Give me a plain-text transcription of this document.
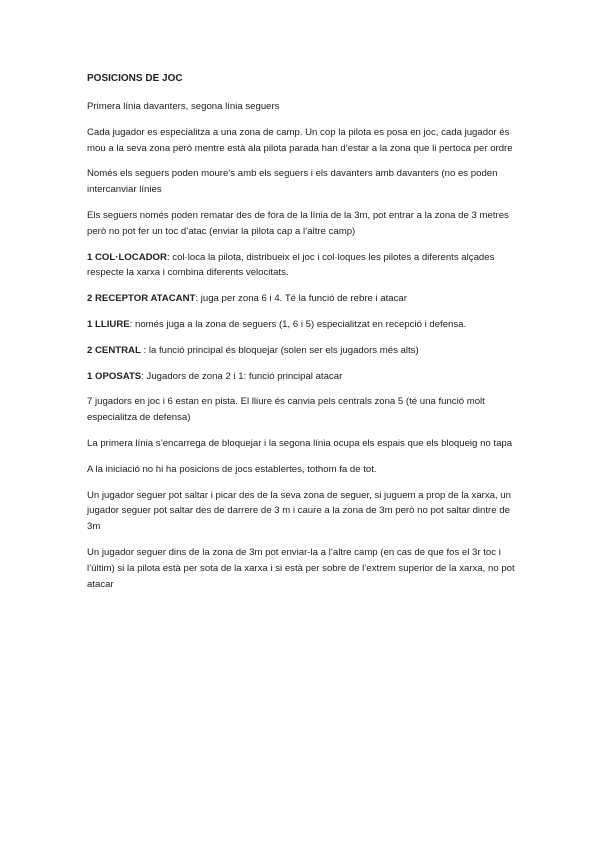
POSICIONS DE JOC

Primera línia davanters, segona línia seguers

Cada jugador es especialitza a una zona de camp. Un cop la pilota es posa en joc, cada jugador és mou a la seva zona però mentre està ala pilota parada han d’estar a la zona que li pertoca per ordre

Només els seguers poden moure’s amb els seguers i els davanters amb davanters (no es poden intercanviar línies

Els seguers només poden rematar des de fora de la línia de la 3m, pot entrar a la zona de 3 metres però no pot fer un toc d’atac (enviar la pilota cap a l’altre camp)

1 COL·LOCADOR: col·loca la pilota, distribueix el joc i col·loques les pilotes a diferents alçades respecte la xarxa i combina diferents velocitats.

2 RECEPTOR ATACANT: juga per zona 6 i 4. Té la funció de rebre i atacar

1 LLIURE: només juga a la zona de seguers (1, 6 i 5) especialitzat en recepció i defensa.

2 CENTRAL : la funció principal és bloquejar (solen ser els jugadors més alts)

1 OPOSATS: Jugadors de zona 2 i 1: funció principal atacar

7 jugadors en joc i 6 estan en pista. El lliure és canvia pels centrals zona 5 (té una funció molt especialitza de defensa)

La primera línia s’encarrega de bloquejar i la segona línia ocupa els espais que els bloqueig no tapa

A la iniciació no hi ha posicions de jocs establertes, tothom fa de tot.

Un jugador seguer pot saltar i picar des de la seva zona de seguer, si juguem a prop de la xarxa, un jugador seguer pot saltar des de darrere de 3 m i caure a la zona de 3m però no pot saltar dintre de 3m

Un jugador seguer dins de la zona de 3m pot enviar-la a l’altre camp (en cas de que fos el 3r toc i l’últim) si la pilota està per sota de la xarxa i si està per sobre de l’extrem superior de la xarxa, no pot atacar
